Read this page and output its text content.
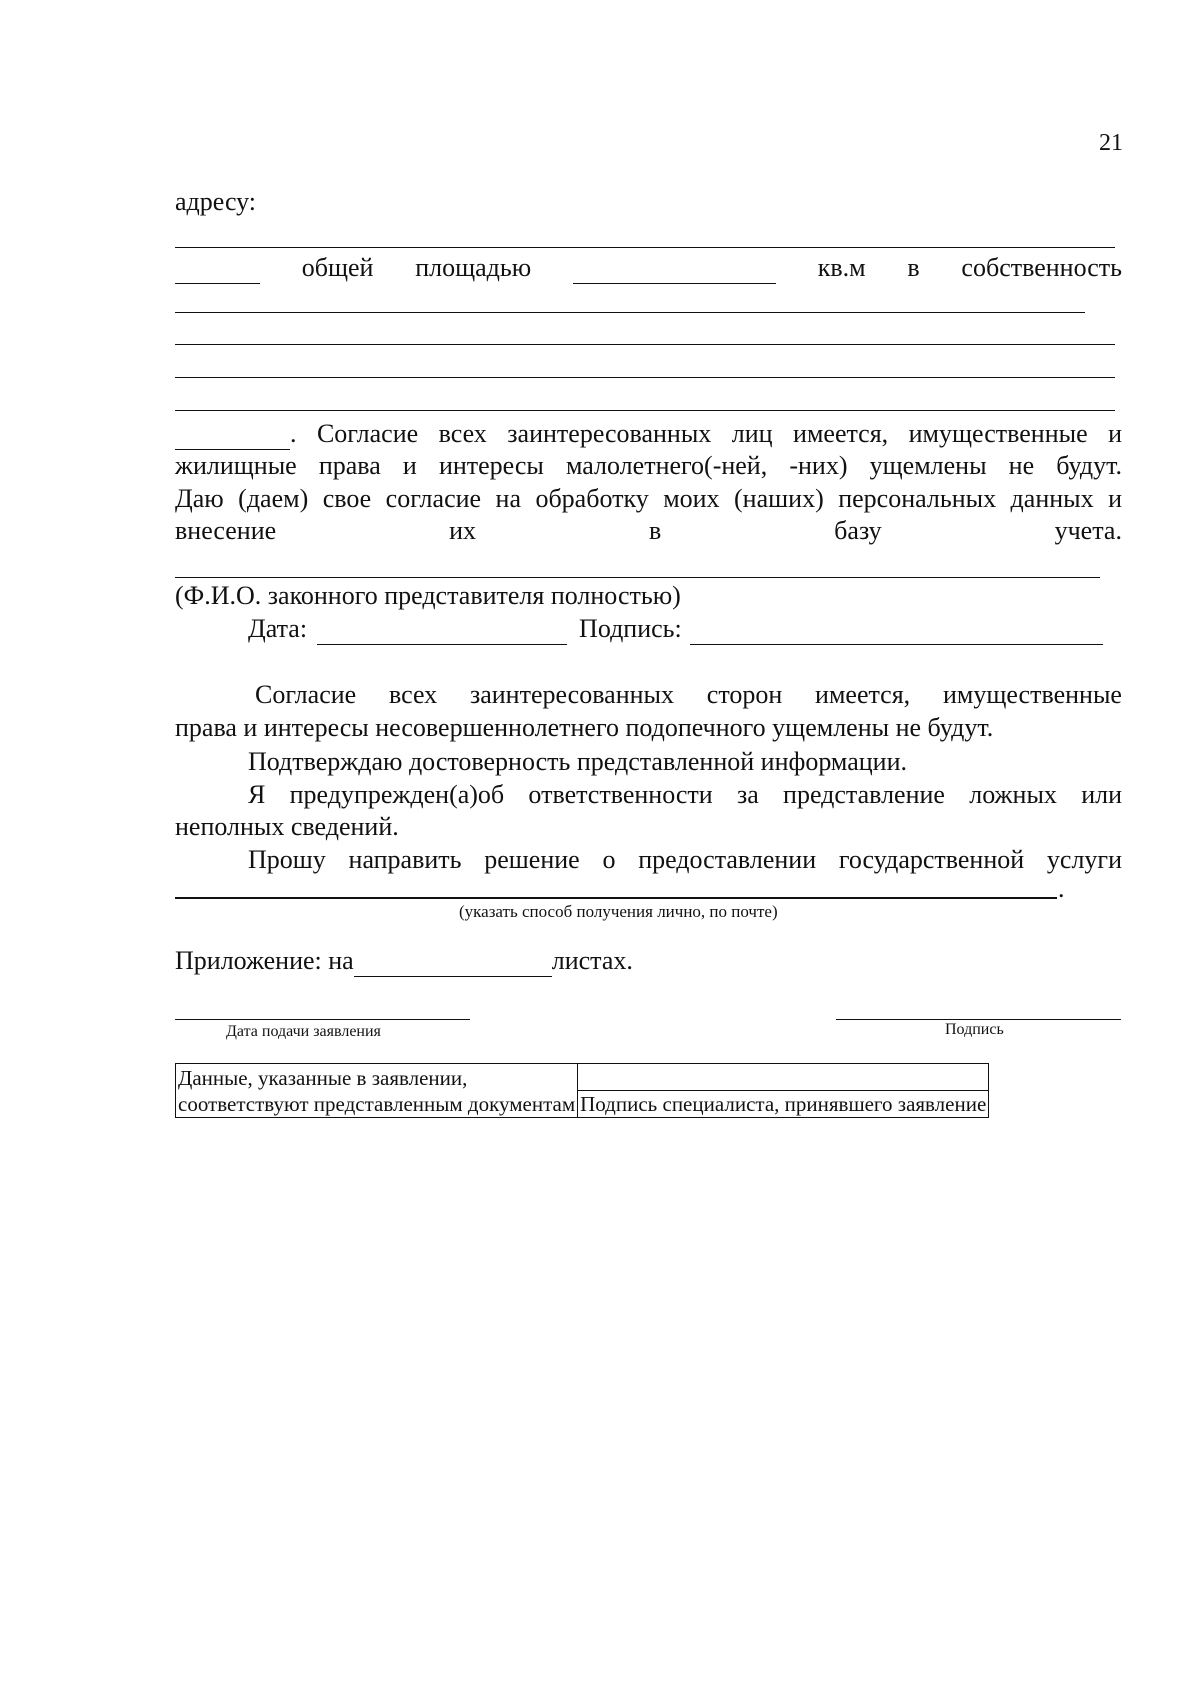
21
адресу:
общей площадью	кв.м в собственность
. Согласие всех заинтересованных лиц имеется, имущественные и
жилищные права и интересы малолетнего(-ней, -них) ущемлены не будут.
Даю (даем) свое согласие на обработку моих (наших) персональных данных и
внесение	их	в	базу	учета.
(Ф.И.О. законного представителя полностью)
Дата:	Подпись:
Согласие всех заинтересованных сторон имеется, имущественные
права и интересы несовершеннолетнего подопечного ущемлены не будут.
Подтверждаю достоверность представленной информации.
Я предупрежден(а)об ответственности за представление ложных или
неполных сведений.
Прошу направить решение о предоставлении государственной услуги
.
(указать способ получения лично, по почте)
Приложение: на	листах.
Дата подачи заявления	Подпись
Данные, указанные в заявлении,
соответствуют представленным документам	Подпись специалиста, принявшего заявление
